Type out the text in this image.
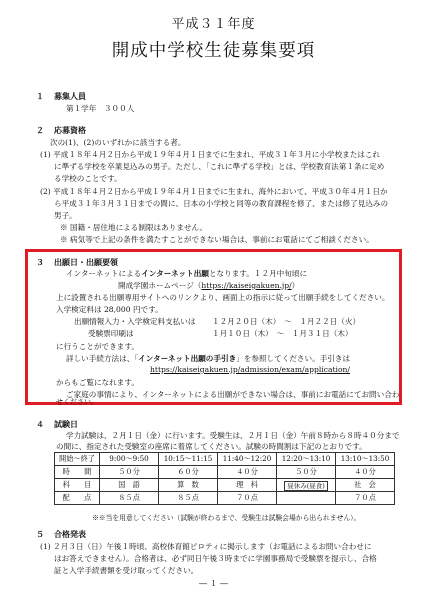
平成３１年度
開成中学校生徒募集要項
１ 募集人員
第１学年　３００人
２ 応募資格
次の(1)、(2)のいずれかに該当する者。
(1) 平成１８年４月２日から平成１９年４月１日までに生まれ、平成３１年３月に小学校またはこれ
に準ずる学校を卒業見込みの男子。ただし、「これに準ずる学校」とは、学校教育法第１条に定め
る学校のことです。
(2) 平成１８年４月２日から平成１９年４月１日までに生まれ、海外において、平成３０年４月１日か
ら平成３１年３月３１日までの間に、日本の小学校と同等の教育課程を修了、または修了見込みの
男子。
※ 国籍・居住地による制限はありません。
※ 病気等で上記の条件を満たすことができない場合は、事前にお電話にてご相談ください。
３ 出願日・出願要領
インターネットによるインターネット出願となります。１２月中旬頃に
開成学園ホームページ（https://kaiseigakuen.jp/）
上に設置される出願専用サイトへのリンクより、画面上の指示に従って出願手続をしてください。
入学検定料は 28,000 円です。
出願情報入力・入学検定料支払いは １２月２０日（木）　～　１月２２日（火）
受験票印刷は	１月１０日（木）　～　１月３１日（木）
に行うことができます。
詳しい手続方法は、「インターネット出願の手引き」を参照してください。手引きは
https://kaiseigakuen.jp/admission/exam/application/
からもご覧になれます。
ご家庭の事情により、インターネットによる出願ができない場合は、事前にお電話にてお問い合わ
せください。
４ 試験日
学力試験は、２月１日（金）に行います。受験生は、２月１日（金）午前８時から８時４０分まで
の間に、指定された受験室の座席に着席してください。試験の時間割は下記のとおりです。
開始～終了	9:00～9:50	10:15～11:15	11:40～12:20	12:20～13:10	13:10～13:50
時　　間	５０分	６０分	４０分	５０分	４０分
科　　目	国　語	算　数	理　科	昼休み(昼食)	社　会
配　　点	８５点	８５点	７０点		７０点
※※当を用意してください（試験が終わるまで、受験生は試験会場から出られません）。
５ 合格発表
(1) ２月３日（日）午後１時頃、高校体育館ピロティに掲示します（お電話によるお問い合わせに
はお答えできません）。合格者は、必ず同日午後３時までに学園事務局で受験票を提示し、合格
証と入学手続書類を受け取ってください。
― １ ―
